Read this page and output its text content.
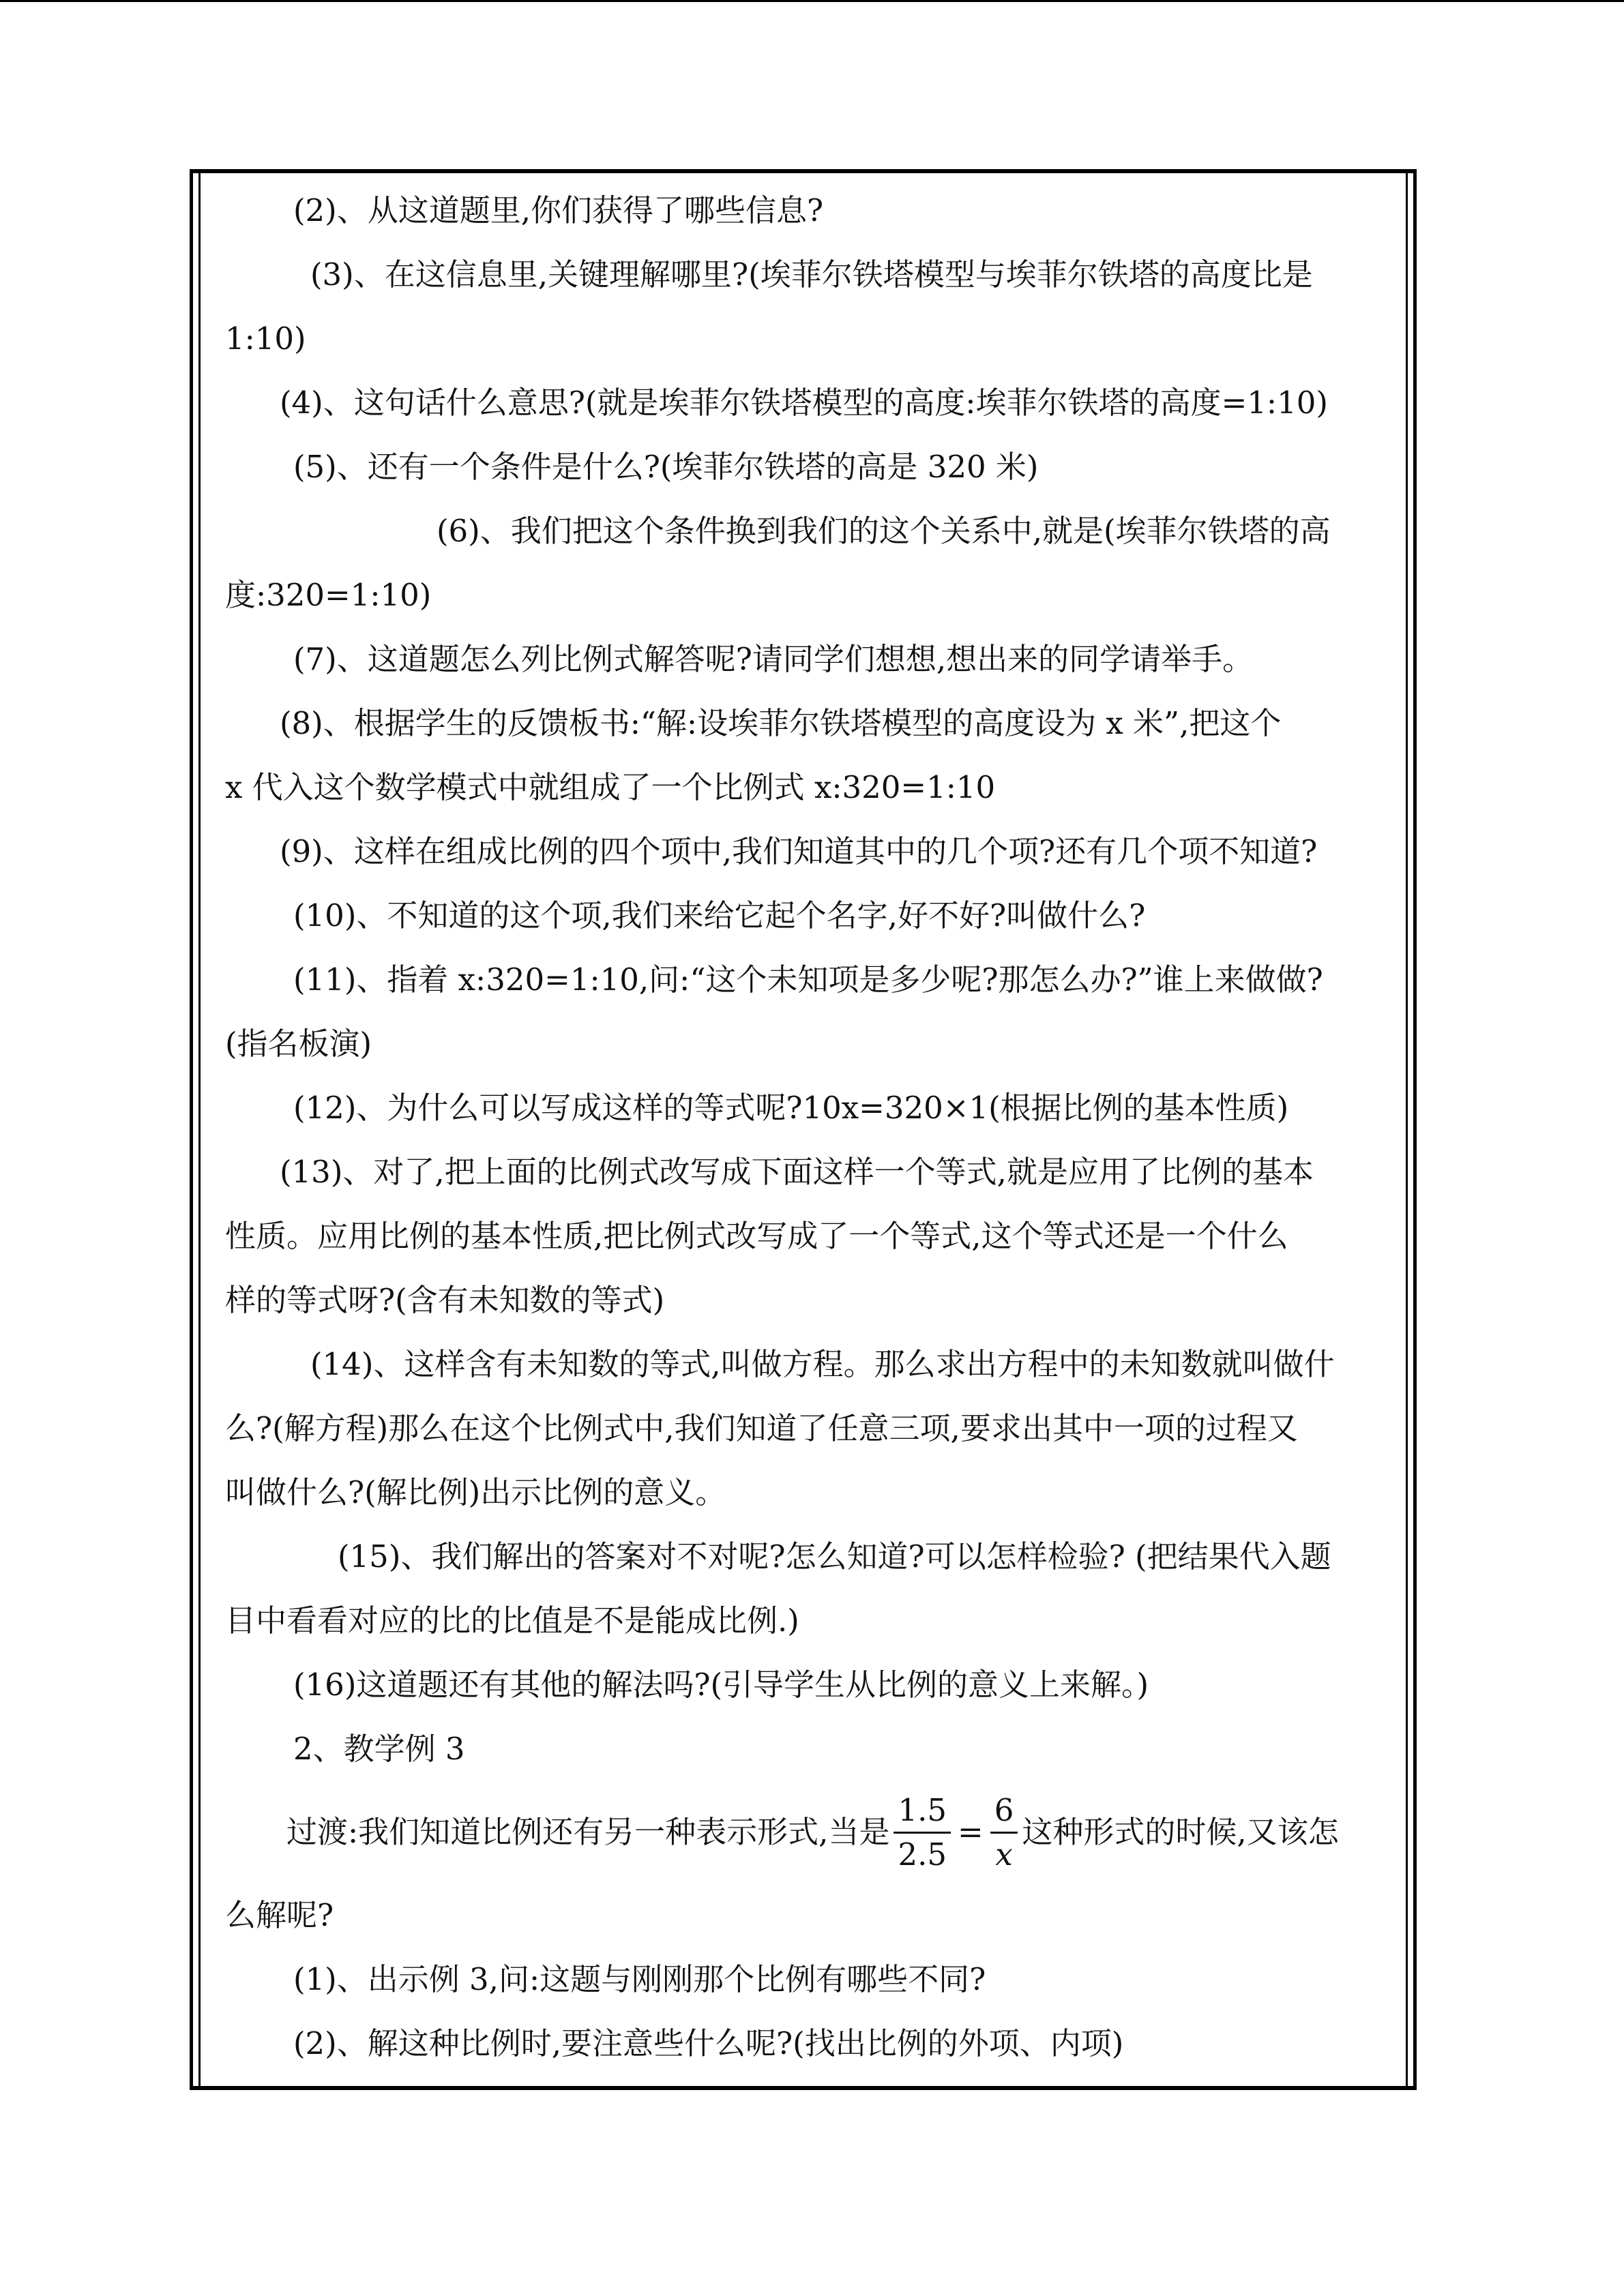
(2)、从这道题里,你们获得了哪些信息?

(3)、在这信息里,关键理解哪里?(埃菲尔铁塔模型与埃菲尔铁塔的高度比是

1:10)

(4)、这句话什么意思?(就是埃菲尔铁塔模型的高度:埃菲尔铁塔的高度=1:10)

(5)、还有一个条件是什么?(埃菲尔铁塔的高是 320 米)

(6)、我们把这个条件换到我们的这个关系中,就是(埃菲尔铁塔的高

度:320=1:10)

(7)、这道题怎么列比例式解答呢?请同学们想想,想出来的同学请举手。

(8)、根据学生的反馈板书:“解:设埃菲尔铁塔模型的高度设为 x 米”,把这个

x 代入这个数学模式中就组成了一个比例式 x:320=1:10

(9)、这样在组成比例的四个项中,我们知道其中的几个项?还有几个项不知道?

(10)、不知道的这个项,我们来给它起个名字,好不好?叫做什么?

(11)、指着 x:320=1:10,问:“这个未知项是多少呢?那怎么办?”谁上来做做?

(指名板演)

(12)、为什么可以写成这样的等式呢?10x=320×1(根据比例的基本性质)

(13)、对了,把上面的比例式改写成下面这样一个等式,就是应用了比例的基本

性质。应用比例的基本性质,把比例式改写成了一个等式,这个等式还是一个什么

样的等式呀?(含有未知数的等式)

(14)、这样含有未知数的等式,叫做方程。那么求出方程中的未知数就叫做什

么?(解方程)那么在这个比例式中,我们知道了任意三项,要求出其中一项的过程又

叫做什么?(解比例)出示比例的意义。

(15)、我们解出的答案对不对呢?怎么知道?可以怎样检验? (把结果代入题

目中看看对应的比的比值是不是能成比例.)

(16)这道题还有其他的解法吗?(引导学生从比例的意义上来解。)

2、教学例 3

过渡:我们知道比例还有另一种表示形式,当是 $\frac{1.5}{2.5} = \frac{6}{x}$ 这种形式的时候,又该怎

么解呢?

(1)、出示例 3,问:这题与刚刚那个比例有哪些不同?

(2)、解这种比例时,要注意些什么呢?(找出比例的外项、内项)
